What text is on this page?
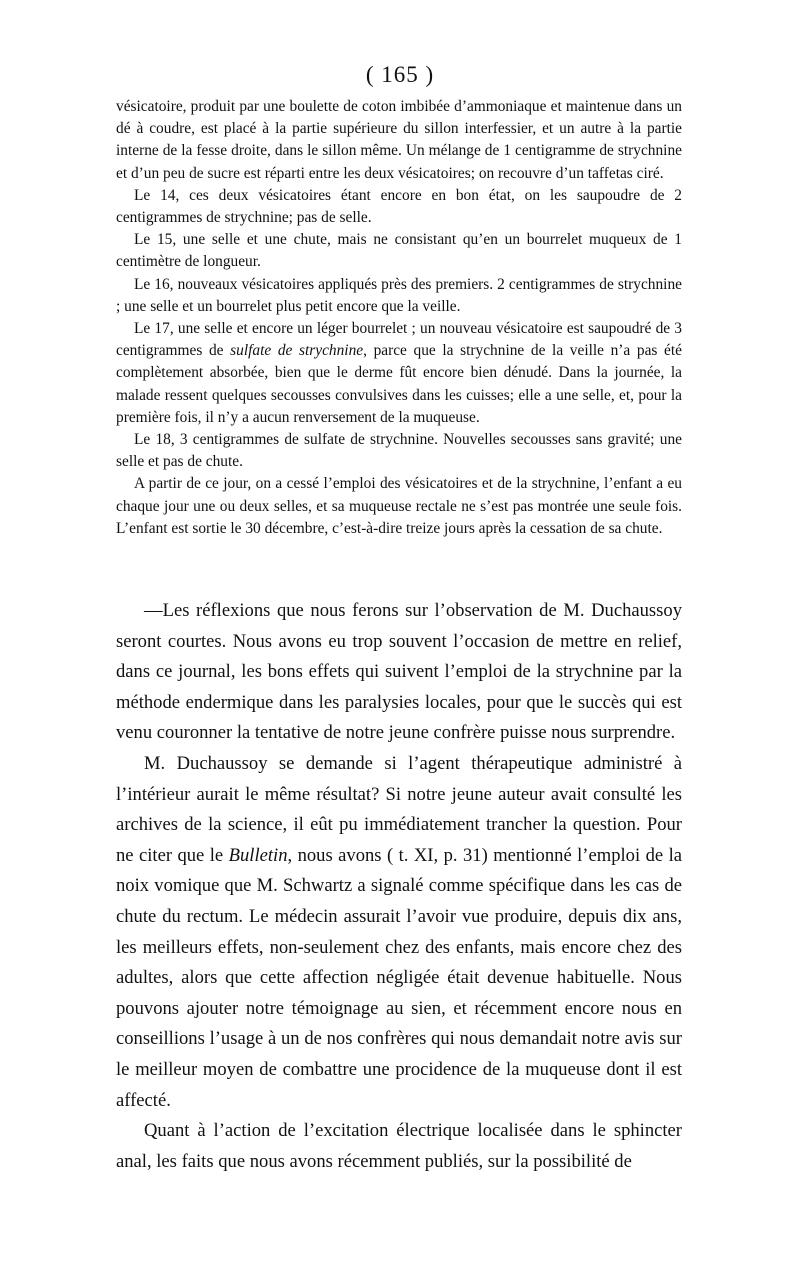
( 165 )

vésicatoire, produit par une boulette de coton imbibée d’ammoniaque et maintenue dans un dé à coudre, est placé à la partie supérieure du sillon interfessier, et un autre à la partie interne de la fesse droite, dans le sillon même. Un mélange de 1 centigramme de strychnine et d’un peu de sucre est réparti entre les deux vésicatoires; on recouvre d’un taffetas ciré.

Le 14, ces deux vésicatoires étant encore en bon état, on les saupoudre de 2 centigrammes de strychnine; pas de selle.

Le 15, une selle et une chute, mais ne consistant qu’en un bourrelet muqueux de 1 centimètre de longueur.

Le 16, nouveaux vésicatoires appliqués près des premiers. 2 centigrammes de strychnine ; une selle et un bourrelet plus petit encore que la veille.

Le 17, une selle et encore un léger bourrelet ; un nouveau vésicatoire est saupoudré de 3 centigrammes de sulfate de strychnine, parce que la strychnine de la veille n’a pas été complètement absorbée, bien que le derme fût encore bien dénudé. Dans la journée, la malade ressent quelques secousses convulsives dans les cuisses; elle a une selle, et, pour la première fois, il n’y a aucun renversement de la muqueuse.

Le 18, 3 centigrammes de sulfate de strychnine. Nouvelles secousses sans gravité; une selle et pas de chute.

A partir de ce jour, on a cessé l’emploi des vésicatoires et de la strychnine, l’enfant a eu chaque jour une ou deux selles, et sa muqueuse rectale ne s’est pas montrée une seule fois. L’enfant est sortie le 30 décembre, c’est-à-dire treize jours après la cessation de sa chute.

—Les réflexions que nous ferons sur l’observation de M. Duchaussoy seront courtes. Nous avons eu trop souvent l’occasion de mettre en relief, dans ce journal, les bons effets qui suivent l’emploi de la strychnine par la méthode endermique dans les paralysies locales, pour que le succès qui est venu couronner la tentative de notre jeune confrère puisse nous surprendre.

M. Duchaussoy se demande si l’agent thérapeutique administré à l’intérieur aurait le même résultat? Si notre jeune auteur avait consulté les archives de la science, il eût pu immédiatement trancher la question. Pour ne citer que le Bulletin, nous avons ( t. XI, p. 31) mentionné l’emploi de la noix vomique que M. Schwartz a signalé comme spécifique dans les cas de chute du rectum. Le médecin assurait l’avoir vue produire, depuis dix ans, les meilleurs effets, non-seulement chez des enfants, mais encore chez des adultes, alors que cette affection négligée était devenue habituelle. Nous pouvons ajouter notre témoignage au sien, et récemment encore nous en conseillions l’usage à un de nos confrères qui nous demandait notre avis sur le meilleur moyen de combattre une procidence de la muqueuse dont il est affecté.

Quant à l’action de l’excitation électrique localisée dans le sphincter anal, les faits que nous avons récemment publiés, sur la possibilité de
